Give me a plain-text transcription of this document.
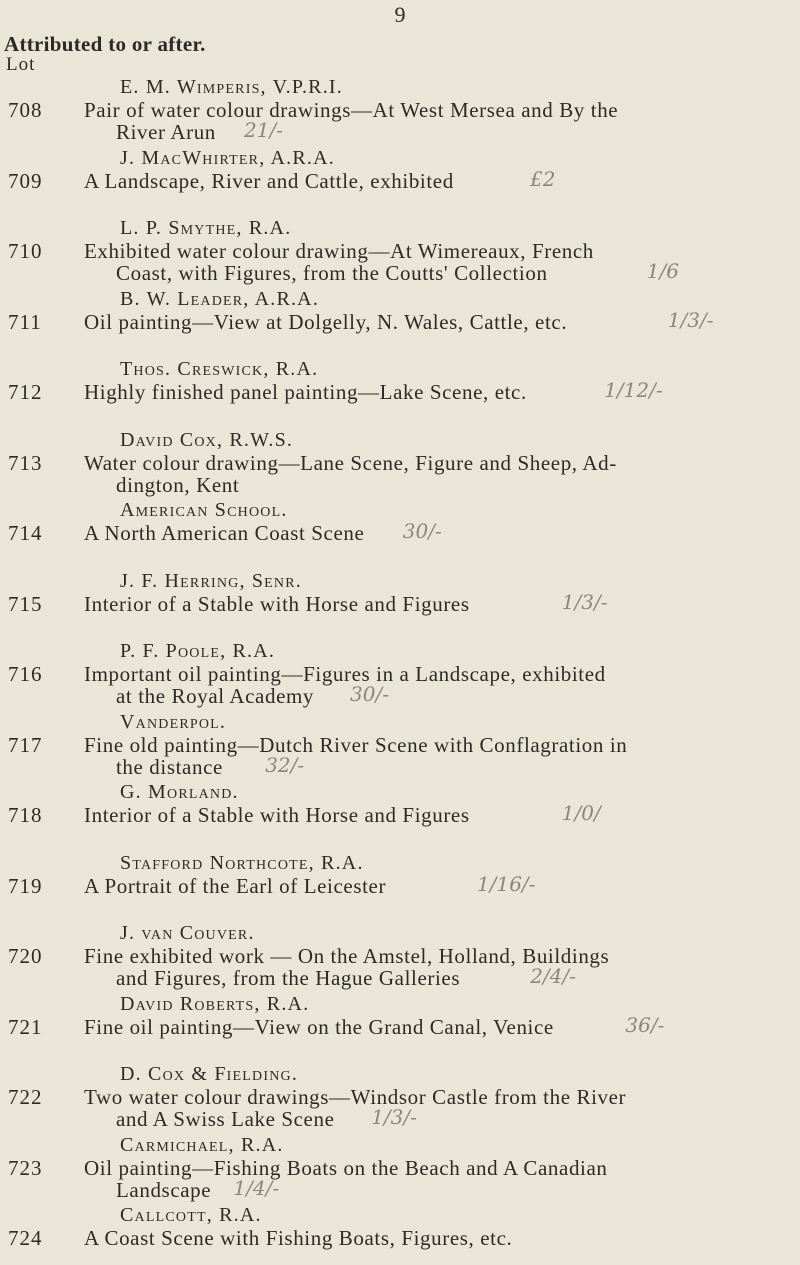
9
Attributed to or after.
Lot
E. M. Wimperis, V.P.R.I.
708	Pair of water colour drawings—At West Mersea and By the
River Arun 21/-
J. MacWhirter, A.R.A.
709	A Landscape, River and Cattle, exhibited	£2
L. P. Smythe, R.A.
710	Exhibited water colour drawing—At Wimereaux, French
Coast, with Figures, from the Coutts' Collection	1/6
B. W. Leader, A.R.A.
711	Oil painting—View at Dolgelly, N. Wales, Cattle, etc.	1/3/-
Thos. Creswick, R.A.
712	Highly finished panel painting—Lake Scene, etc.	1/12/-
David Cox, R.W.S.
713	Water colour drawing—Lane Scene, Figure and Sheep, Ad-
dington, Kent
American School.
714	A North American Coast Scene 30/-
J. F. Herring, Senr.
715	Interior of a Stable with Horse and Figures	1/3/-
P. F. Poole, R.A.
716	Important oil painting—Figures in a Landscape, exhibited
at the Royal Academy 30/-
Vanderpol.
717	Fine old painting—Dutch River Scene with Conflagration in
the distance 32/-
G. Morland.
718	Interior of a Stable with Horse and Figures	1/0/
Stafford Northcote, R.A.
719	A Portrait of the Earl of Leicester	1/16/-
J. van Couver.
720	Fine exhibited work — On the Amstel, Holland, Buildings
and Figures, from the Hague Galleries	2/4/-
David Roberts, R.A.
721	Fine oil painting—View on the Grand Canal, Venice	36/-
D. Cox & Fielding.
722	Two water colour drawings—Windsor Castle from the River
and A Swiss Lake Scene 1/3/-
Carmichael, R.A.
723	Oil painting—Fishing Boats on the Beach and A Canadian
Landscape 1/4/-
Callcott, R.A.
724	A Coast Scene with Fishing Boats, Figures, etc.
